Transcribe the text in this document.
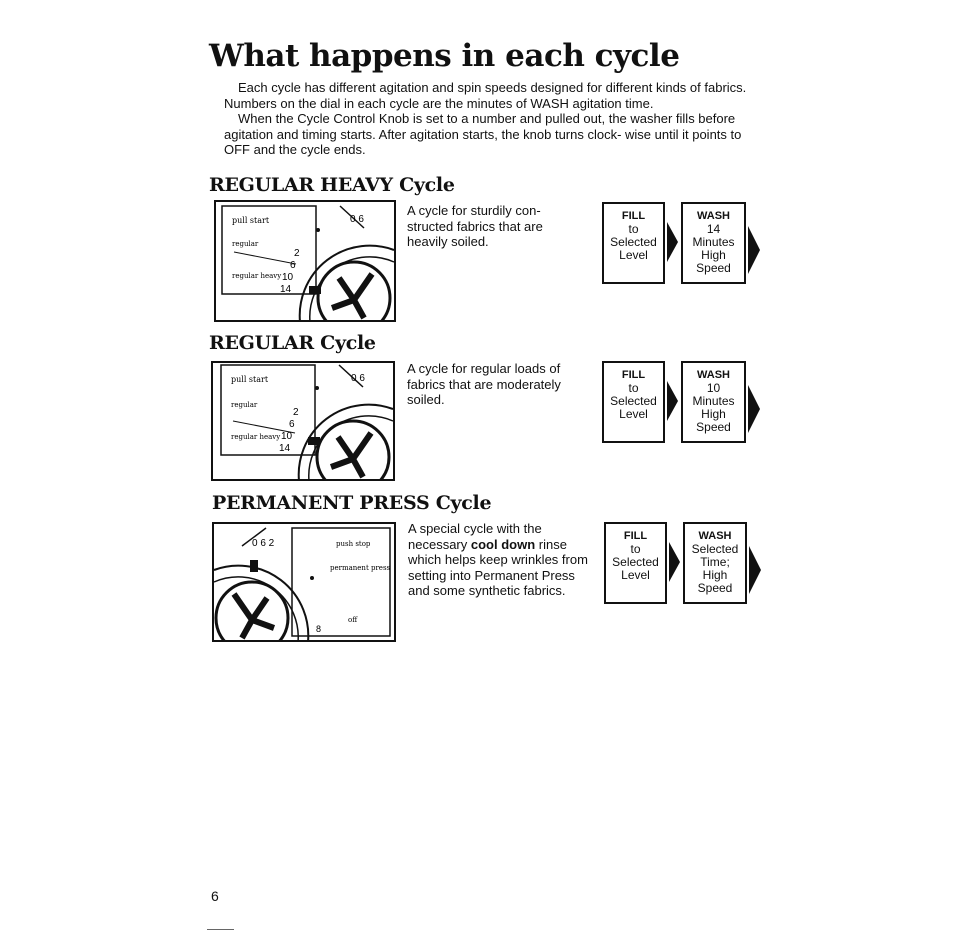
What happens in each cycle

Each cycle has different agitation and spin speeds designed for different kinds of fabrics. Numbers on the dial in each cycle are the minutes of WASH agitation time.

When the Cycle Control Knob is set to a number and pulled out, the washer fills before agitation and timing starts. After agitation starts, the knob turns clock- wise until it points to OFF and the cycle ends.

REGULAR HEAVY Cycle
pull start
regular
regular heavy
0 6
2
6
10
14
A cycle for sturdily con- structed fabrics that are heavily soiled.
FILL
to
Selected
Level
WASH
14
Minutes
High
Speed
REGULAR Cycle
pull start
regular
regular heavy
0 6
2
6
10
14
A cycle for regular loads of fabrics that are moderately soiled.
FILL
to
Selected
Level
WASH
10
Minutes
High
Speed
PERMANENT PRESS Cycle
0 6 2	push stop
permanent press
off
8
A special cycle with the necessary cool down rinse which helps keep wrinkles from setting into Permanent Press and some synthetic fabrics.
FILL
to
Selected
Level
WASH
Selected
Time;
High
Speed
6
